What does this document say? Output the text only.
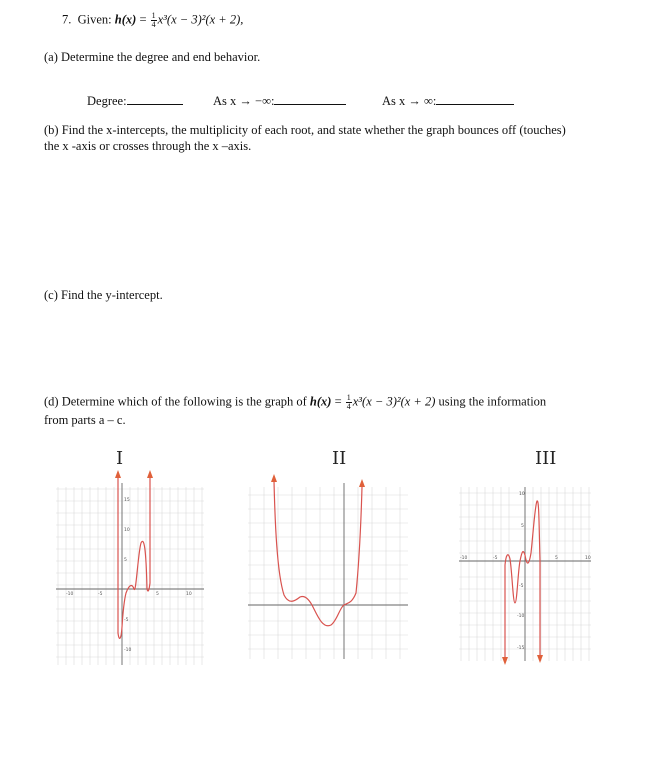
7. Given: $h(x) = \frac{1}{4} x^3(x - 3)^2(x + 2)$,
(a) Determine the degree and end behavior.
Degree:	As x → −∞:	As x → ∞:
(b) Find the x-intercepts, the multiplicity of each root, and state whether the graph bounces off (touches)
the x -axis or crosses through the x –axis.
(c) Find the y-intercept.
(d) Determine which of the following is the graph of $h(x) = \frac{1}{4} x^3(x - 3)^2(x + 2)$ using the information
from parts a – c.
I
-10	-5	5	10
15
10
5
-5
-10
II	III
-10	-5	5	10
10
5
-5
-10
-15
